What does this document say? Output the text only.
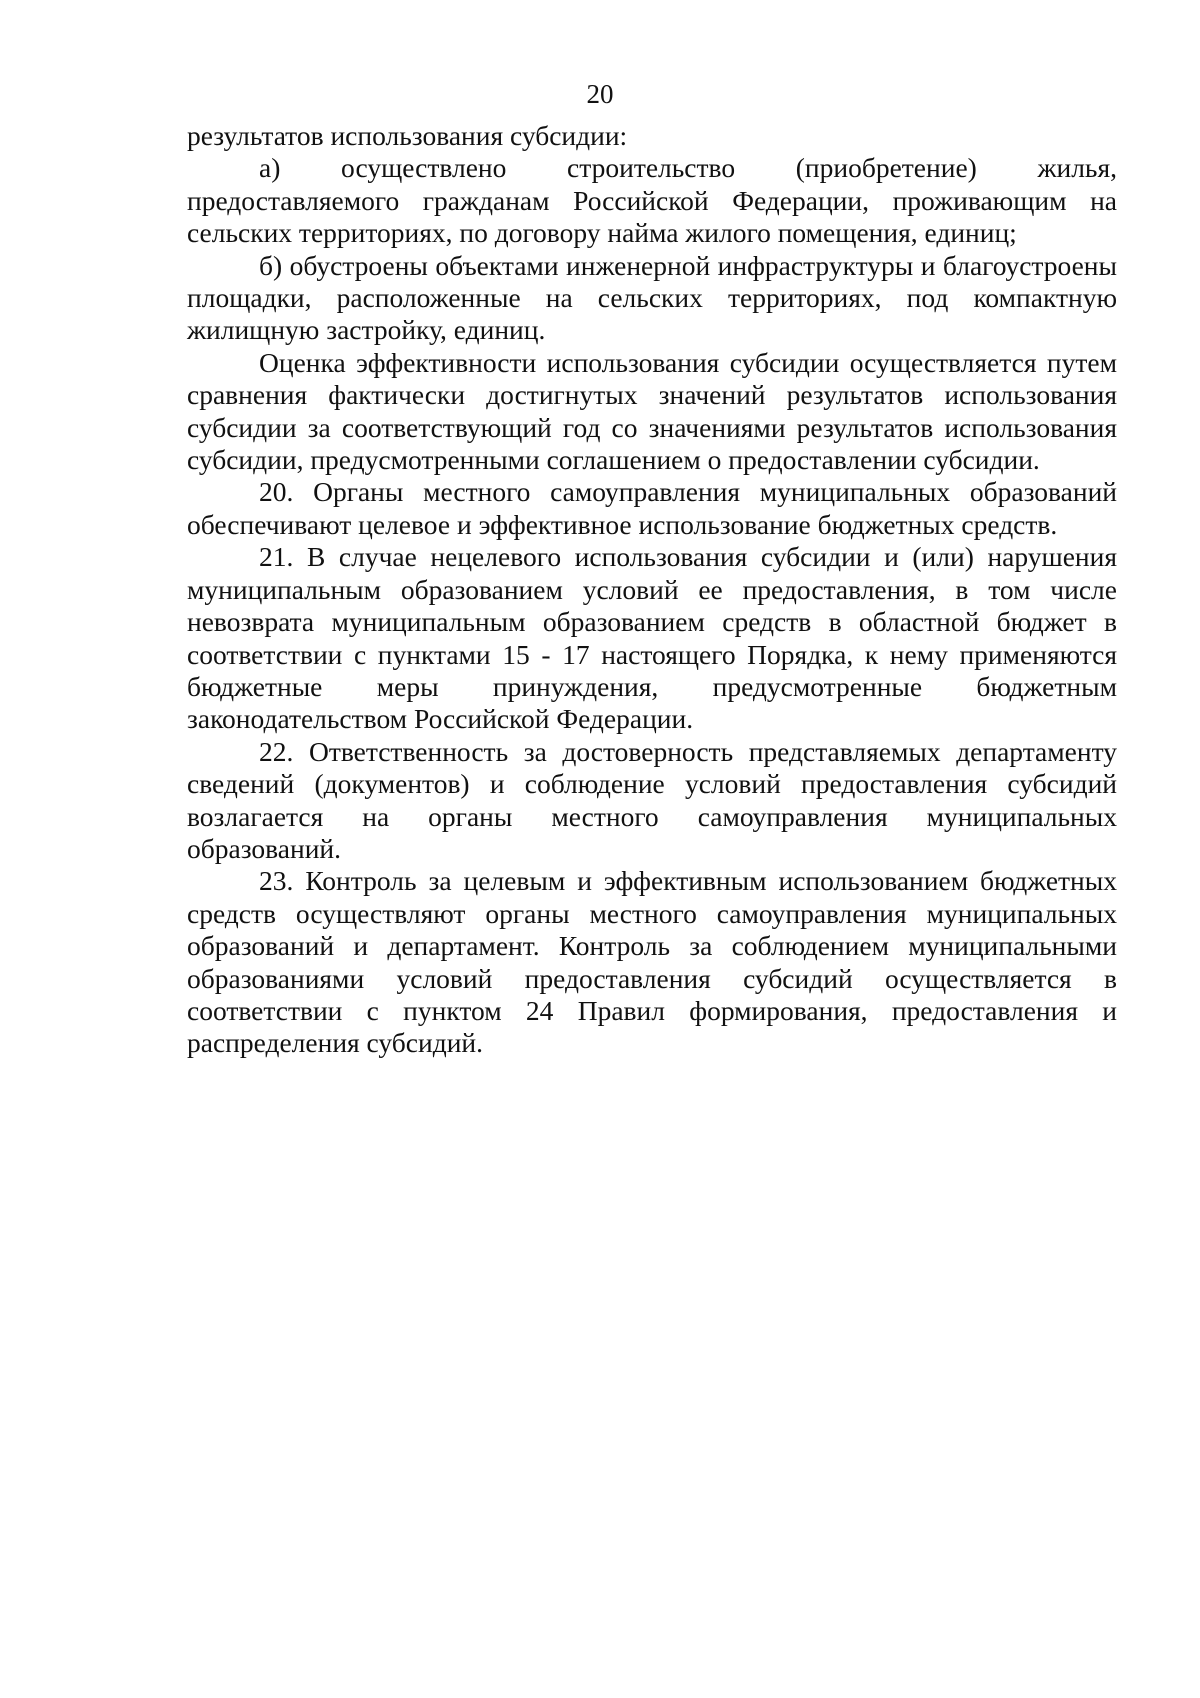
20

результатов использования субсидии:

а) осуществлено строительство (приобретение) жилья, предоставляемого гражданам Российской Федерации, проживающим на сельских территориях, по договору найма жилого помещения, единиц;

б) обустроены объектами инженерной инфраструктуры и благоустроены площадки, расположенные на сельских территориях, под компактную жилищную застройку, единиц.

Оценка эффективности использования субсидии осуществляется путем сравнения фактически достигнутых значений результатов использования субсидии за соответствующий год со значениями результатов использования субсидии, предусмотренными соглашением о предоставлении субсидии.

20. Органы местного самоуправления муниципальных образований обеспечивают целевое и эффективное использование бюджетных средств.

21. В случае нецелевого использования субсидии и (или) нарушения муниципальным образованием условий ее предоставления, в том числе невозврата муниципальным образованием средств в областной бюджет в соответствии с пунктами 15 - 17 настоящего Порядка, к нему применяются бюджетные меры принуждения, предусмотренные бюджетным законодательством Российской Федерации.

22. Ответственность за достоверность представляемых департаменту сведений (документов) и соблюдение условий предоставления субсидий возлагается на органы местного самоуправления муниципальных образований.

23. Контроль за целевым и эффективным использованием бюджетных средств осуществляют органы местного самоуправления муниципальных образований и департамент. Контроль за соблюдением муниципальными образованиями условий предоставления субсидий осуществляется в соответствии с пунктом 24 Правил формирования, предоставления и распределения субсидий.
